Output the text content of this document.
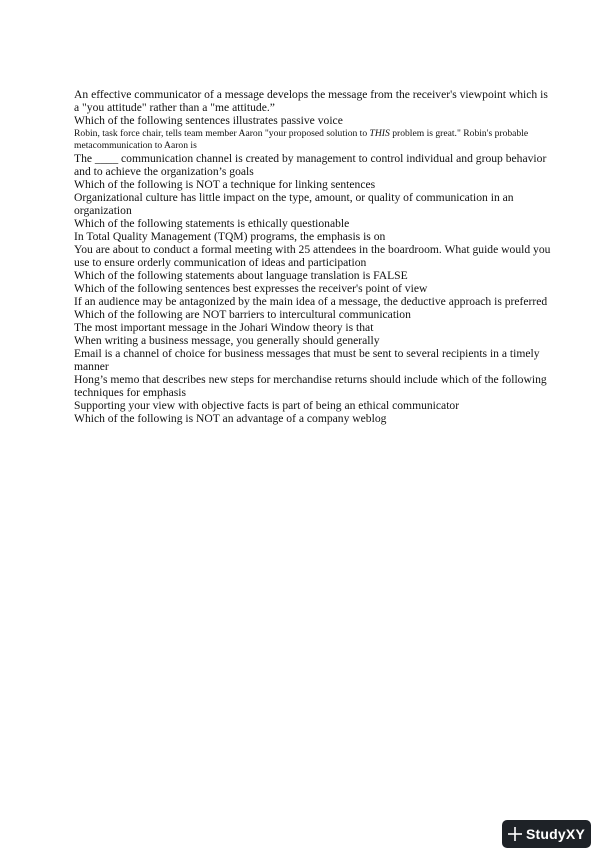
An effective communicator of a message develops the message from the receiver's viewpoint which is a "you attitude" rather than a "me attitude.”

Which of the following sentences illustrates passive voice

Robin, task force chair, tells team member Aaron "your proposed solution to THIS problem is great." Robin's probable metacommunication to Aaron is

The ____ communication channel is created by management to control individual and group behavior and to achieve the organization’s goals

Which of the following is NOT a technique for linking sentences

Organizational culture has little impact on the type, amount, or quality of communication in an organization

Which of the following statements is ethically questionable

In Total Quality Management (TQM) programs, the emphasis is on

You are about to conduct a formal meeting with 25 attendees in the boardroom. What guide would you use to ensure orderly communication of ideas and participation

Which of the following statements about language translation is FALSE

Which of the following sentences best expresses the receiver's point of view

If an audience may be antagonized by the main idea of a message, the deductive approach is preferred

Which of the following are NOT barriers to intercultural communication

The most important message in the Johari Window theory is that

When writing a business message, you generally should generally

Email is a channel of choice for business messages that must be sent to several recipients in a timely manner

Hong’s memo that describes new steps for merchandise returns should include which of the following techniques for emphasis

Supporting your view with objective facts is part of being an ethical communicator

Which of the following is NOT an advantage of a company weblog

StudyXY
